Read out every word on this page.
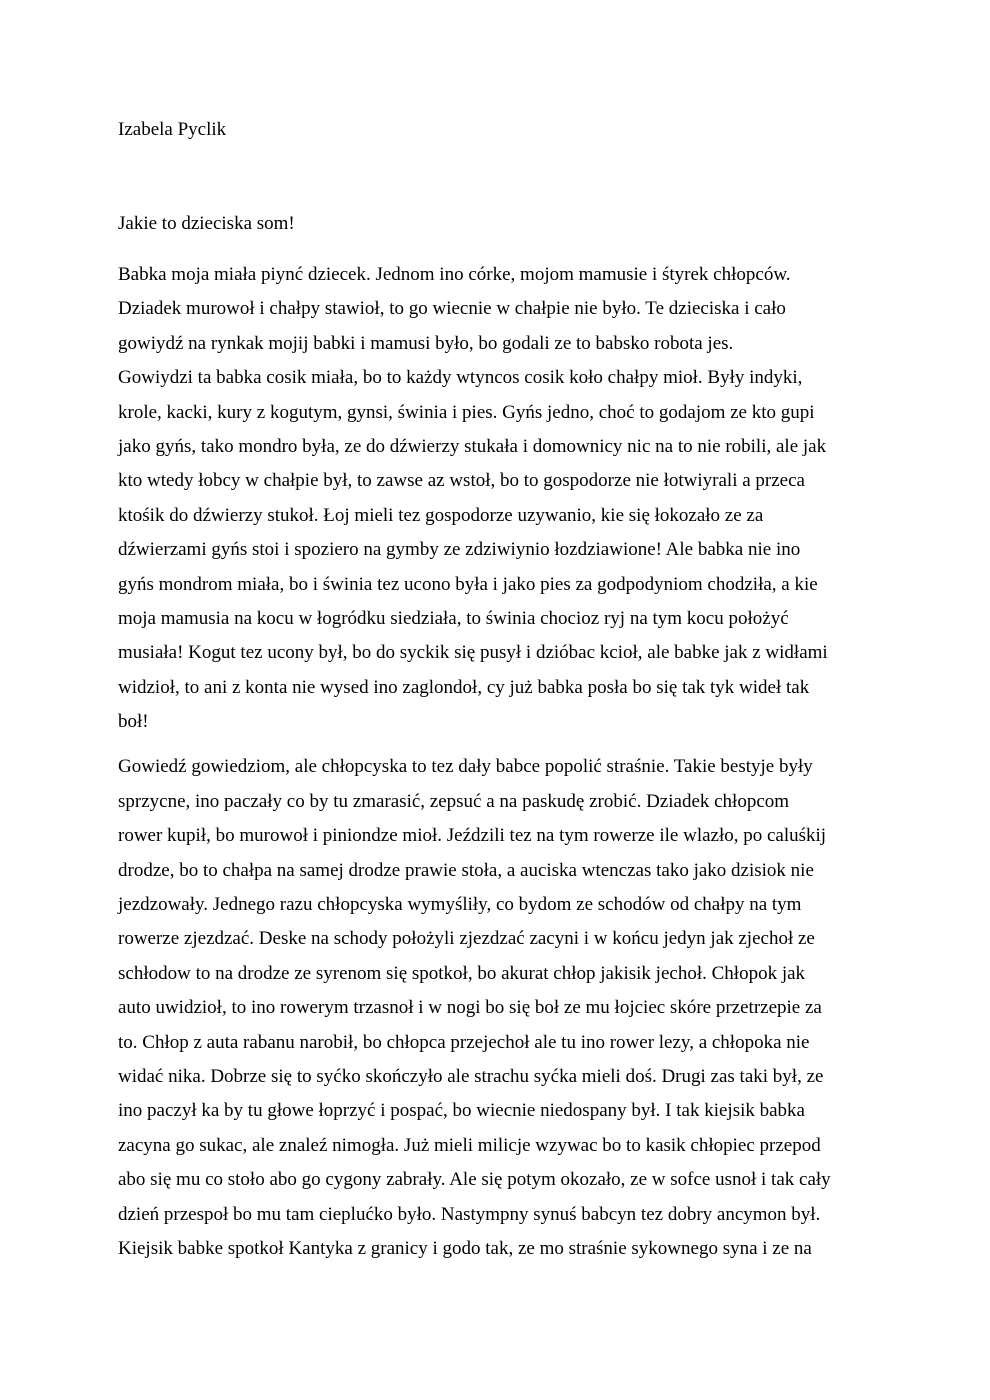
Izabela Pyclik
Jakie to dzieciska som!
Babka moja miała piynć dziecek. Jednom ino córke, mojom mamusie i śtyrek chłopców.
Dziadek murowoł i chałpy stawioł, to go wiecnie w chałpie nie było. Te dzieciska i cało
gowiydź na rynkak mojij babki i mamusi było, bo godali ze to babsko robota jes.
Gowiydzi ta babka cosik miała, bo to każdy wtyncos cosik koło chałpy mioł. Były indyki,
krole, kacki, kury z kogutym, gynsi, świnia i pies. Gyńs jedno, choć to godajom ze kto gupi
jako gyńs, tako mondro była, ze do dźwierzy stukała i domownicy nic na to nie robili, ale jak
kto wtedy łobcy w chałpie był, to zawse az wstoł, bo to gospodorze nie łotwiyrali a przeca
ktośik do dźwierzy stukoł. Łoj mieli tez gospodorze uzywanio, kie się łokozało ze za
dźwierzami gyńs stoi i spoziero na gymby ze zdziwiynio łozdziawione! Ale babka nie ino
gyńs mondrom miała, bo i świnia tez ucono była i jako pies za godpodyniom chodziła, a kie
moja mamusia na kocu w łogródku siedziała, to świnia chocioz ryj na tym kocu położyć
musiała! Kogut tez ucony był, bo do syckik się pusył i dzióbac kcioł, ale babke jak z widłami
widzioł, to ani z konta nie wysed ino zaglondoł, cy już babka posła bo się tak tyk wideł tak
boł!
Gowiedź gowiedziom, ale chłopcyska to tez dały babce popolić straśnie. Takie bestyje były
sprzycne, ino paczały co by tu zmarasić, zepsuć a na paskudę zrobić. Dziadek chłopcom
rower kupił, bo murowoł i piniondze mioł. Jeździli tez na tym rowerze ile wlazło, po caluśkij
drodze, bo to chałpa na samej drodze prawie stoła, a auciska wtenczas tako jako dzisiok nie
jezdzowały. Jednego razu chłopcyska wymyśliły, co bydom ze schodów od chałpy na tym
rowerze zjezdzać. Deske na schody położyli zjezdzać zacyni i w końcu jedyn jak zjechoł ze
schłodow to na drodze ze syrenom się spotkoł, bo akurat chłop jakisik jechoł. Chłopok jak
auto uwidzioł, to ino rowerym trzasnoł i w nogi bo się boł ze mu łojciec skóre przetrzepie za
to. Chłop z auta rabanu narobił, bo chłopca przejechoł ale tu ino rower lezy, a chłopoka nie
widać nika. Dobrze się to syćko skończyło ale strachu syćka mieli doś. Drugi zas taki był, ze
ino paczył ka by tu głowe łoprzyć i pospać, bo wiecnie niedospany był. I tak kiejsik babka
zacyna go sukac, ale znaleź nimogła. Już mieli milicje wzywac bo to kasik chłopiec przepod
abo się mu co stoło abo go cygony zabrały. Ale się potym okozało, ze w sofce usnoł i tak cały
dzień przespoł bo mu tam cieplućko było. Nastympny synuś babcyn tez dobry ancymon był.
Kiejsik babke spotkoł Kantyka z granicy i godo tak, ze mo straśnie sykownego syna i ze na
